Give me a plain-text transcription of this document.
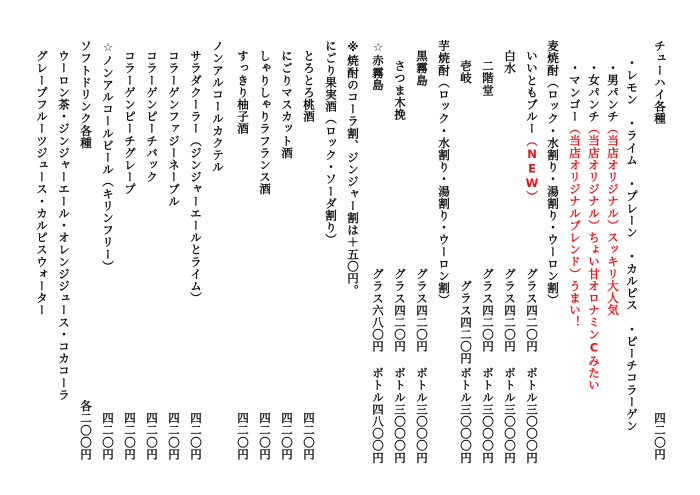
チューハイ各種
四二〇円
・レモン　・ライム　・プレーン　・カルピス　・ピーチコラーゲン
・男パンチ（当店オリジナル）スッキリ大人気
・女パンチ（当店オリジナル）ちょい甘オロナミンCみたい
・マンゴー（当店オリジナルブレンド）うまい！
麦焼酎（ロック・水割り・湯割り・ウーロン割）
いいともブルー（NEW）
グラス四二〇円
ボトル三〇〇〇円
白水
グラス四二〇円
ボトル三〇〇〇円
二階堂
グラス四二〇円
ボトル三〇〇〇円
壱岐
グラス四二〇円
ボトル三〇〇〇円
芋焼酎（ロック・水割り・湯割り・ウーロン割）
黒霧島
グラス四二〇円
ボトル三〇〇〇円
さつま木挽
グラス四二〇円
ボトル三〇〇〇円
☆赤霧島
グラス六八〇円
ボトル四八〇〇円
※焼酎のコーラ割、ジンジャー割は＋五〇円。
にごり果実酒（ロック・ソーダ割り）
とろとろ桃酒
四二〇円
にごりマスカット酒
四二〇円
しゃりしゃりラフランス酒
四二〇円
すっきり柚子酒
四二〇円
ノンアルコールカクテル
サラダクーラー（ジンジャーエールとライム）
四二〇円
コラーゲンファジーネーブル
四二〇円
コラーゲンピーチバック
四二〇円
コラーゲンピーチグレープ
四二〇円
☆ノンアルコールビール（キリンフリー）
四二〇円
ソフトドリンク各種
各二〇〇円
ウーロン茶・ジンジャーエール・オレンジジュース・コカコーラ
グレープフルーツジュース・カルピスウォーター
